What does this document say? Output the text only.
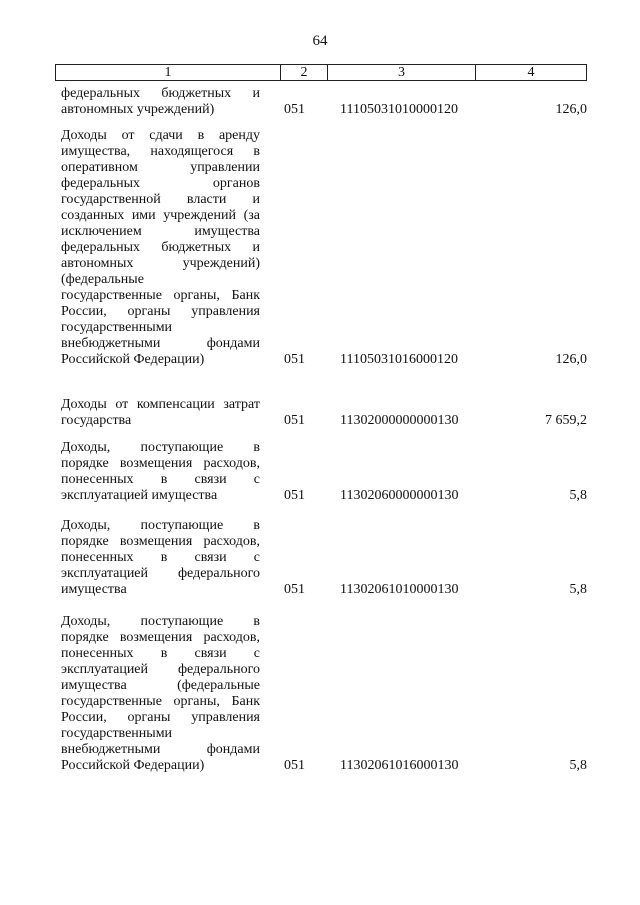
64
1	2	3	4
федеральных бюджетных и
автономных учреждений)	051	11105031010000120	126,0
Доходы от сдачи в аренду
имущества, находящегося в
оперативном управлении
федеральных органов
государственной власти и
созданных ими учреждений (за
исключением имущества
федеральных бюджетных и
автономных учреждений)
(федеральные
государственные органы, Банк
России, органы управления
государственными
внебюджетными фондами
Российской Федерации)	051	11105031016000120	126,0
Доходы от компенсации затрат
государства	051	11302000000000130	7 659,2
Доходы, поступающие в
порядке возмещения расходов,
понесенных в связи с
эксплуатацией имущества	051	11302060000000130	5,8
Доходы, поступающие в
порядке возмещения расходов,
понесенных в связи с
эксплуатацией федерального
имущества	051	11302061010000130	5,8
Доходы, поступающие в
порядке возмещения расходов,
понесенных в связи с
эксплуатацией федерального
имущества (федеральные
государственные органы, Банк
России, органы управления
государственными
внебюджетными фондами
Российской Федерации)	051	11302061016000130	5,8
